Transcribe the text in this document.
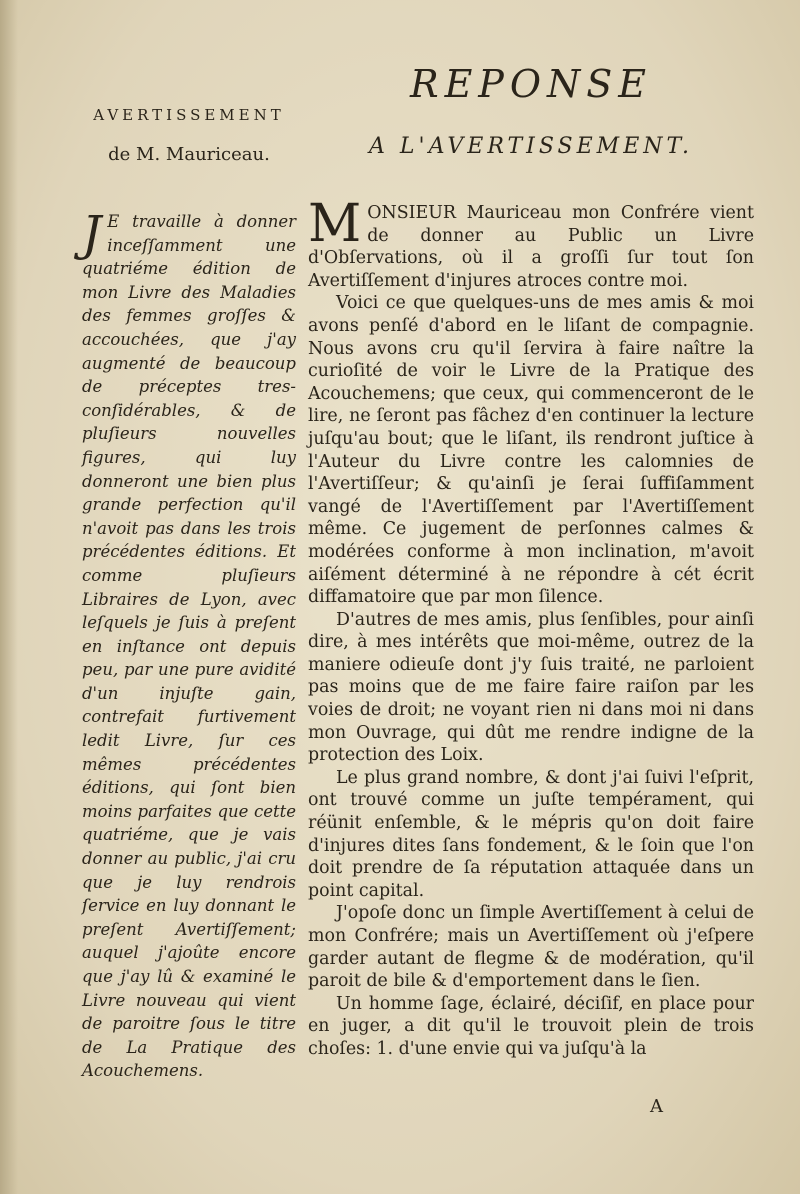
AVERTISSEMENT

de M. Mauriceau.

J E travaille à donner inceſſamment une quatriéme édition de mon Livre des Maladies des femmes groſſes & accouchées, que j'ay augmenté de beaucoup de préceptes tres-conſidérables, & de pluſieurs nouvelles figures, qui luy donneront une bien plus grande perfection qu'il n'avoit pas dans les trois précédentes éditions. Et comme pluſieurs Libraires de Lyon, avec leſquels je ſuis à preſent en inſtance ont depuis peu, par une pure avidité d'un injuſte gain, contrefait furtivement ledit Livre, ſur ces mêmes précédentes éditions, qui ſont bien moins parfaites que cette quatriéme, que je vais donner au public, j'ai cru que je luy rendrois ſervice en luy donnant le preſent Avertiſſement; auquel j'ajoûte encore que j'ay lû & examiné le Livre nouveau qui vient de paroitre ſous le titre de La Pratique des Acouchemens.

REPONSE

A L'AVERTISSEMENT.

MONSIEUR Mauriceau mon Confrére vient de donner au Public un Livre d'Obſervations, où il a groſſi ſur tout ſon Avertiſſement d'injures atroces contre moi.

Voici ce que quelques-uns de mes amis & moi avons penſé d'abord en le liſant de compagnie. Nous avons cru qu'il ſervira à faire naître la curioſité de voir le Livre de la Pratique des Acouchemens; que ceux, qui commenceront de le lire, ne ſeront pas fâchez d'en continuer la lecture juſqu'au bout; que le liſant, ils rendront juſtice à l'Auteur du Livre contre les calomnies de l'Avertiſſeur; & qu'ainſi je ſerai ſuffiſamment vangé de l'Avertiſſement par l'Avertiſſement même. Ce jugement de perſonnes calmes & modérées conforme à mon inclination, m'avoit aiſément déterminé à ne répondre à cét écrit diffamatoire que par mon ſilence.

D'autres de mes amis, plus ſenſibles, pour ainſi dire, à mes intérêts que moi-même, outrez de la maniere odieuſe dont j'y ſuis traité, ne parloient pas moins que de me faire faire raiſon par les voies de droit; ne voyant rien ni dans moi ni dans mon Ouvrage, qui dût me rendre indigne de la protection des Loix.

Le plus grand nombre, & dont j'ai ſuivi l'eſprit, ont trouvé comme un juſte tempérament, qui réünit enſemble, & le mépris qu'on doit faire d'injures dites ſans fondement, & le ſoin que l'on doit prendre de ſa réputation attaquée dans un point capital.

J'opoſe donc un ſimple Avertiſſement à celui de mon Confrére; mais un Avertiſſement où j'eſpere garder autant de flegme & de modération, qu'il paroit de bile & d'emportement dans le ſien.

Un homme ſage, éclairé, déciſif, en place pour en juger, a dit qu'il le trouvoit plein de trois choſes: 1. d'une envie qui va juſqu'à la

A
